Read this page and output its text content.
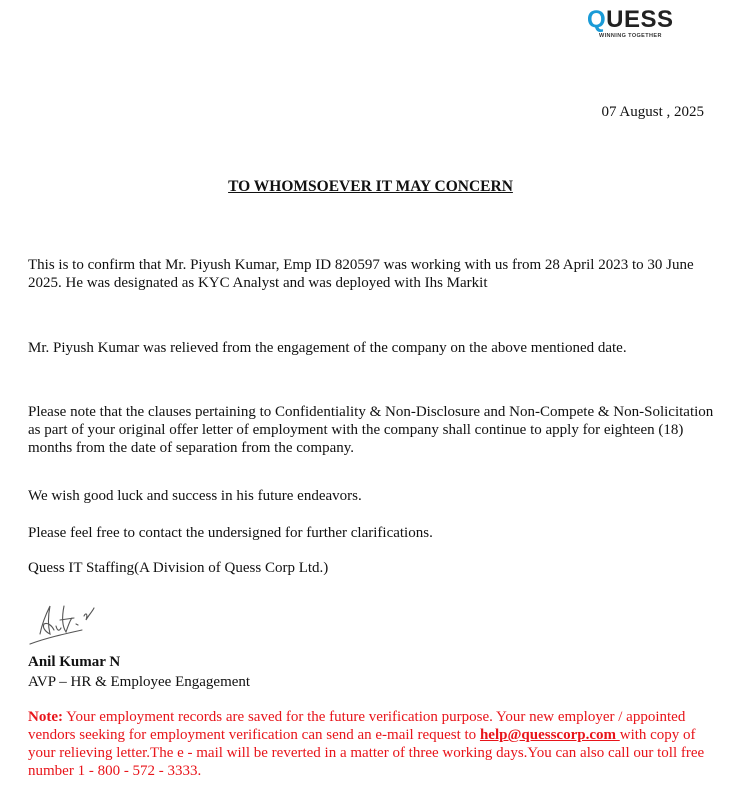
QUESS
WINNING TOGETHER
07 August , 2025
TO WHOMSOEVER IT MAY CONCERN
This is to confirm that Mr. Piyush Kumar, Emp ID 820597 was working with us from 28 April 2023 to 30 June 2025. He was designated as KYC Analyst and was deployed with Ihs Markit
Mr. Piyush Kumar was relieved from the engagement of the company on the above mentioned date.
Please note that the clauses pertaining to Confidentiality & Non-Disclosure and Non-Compete & Non-Solicitation as part of your original offer letter of employment with the company shall continue to apply for eighteen (18) months from the date of separation from the company.
We wish good luck and success in his future endeavors.
Please feel free to contact the undersigned for further clarifications.
Quess IT Staffing(A Division of Quess Corp Ltd.)
Anil Kumar N
AVP – HR & Employee Engagement
Note: Your employment records are saved for the future verification purpose. Your new employer / appointed vendors seeking for employment verification can send an e-mail request to help@quesscorp.com with copy of your relieving letter.The e - mail will be reverted in a matter of three working days.You can also call our toll free number 1 - 800 - 572 - 3333.
